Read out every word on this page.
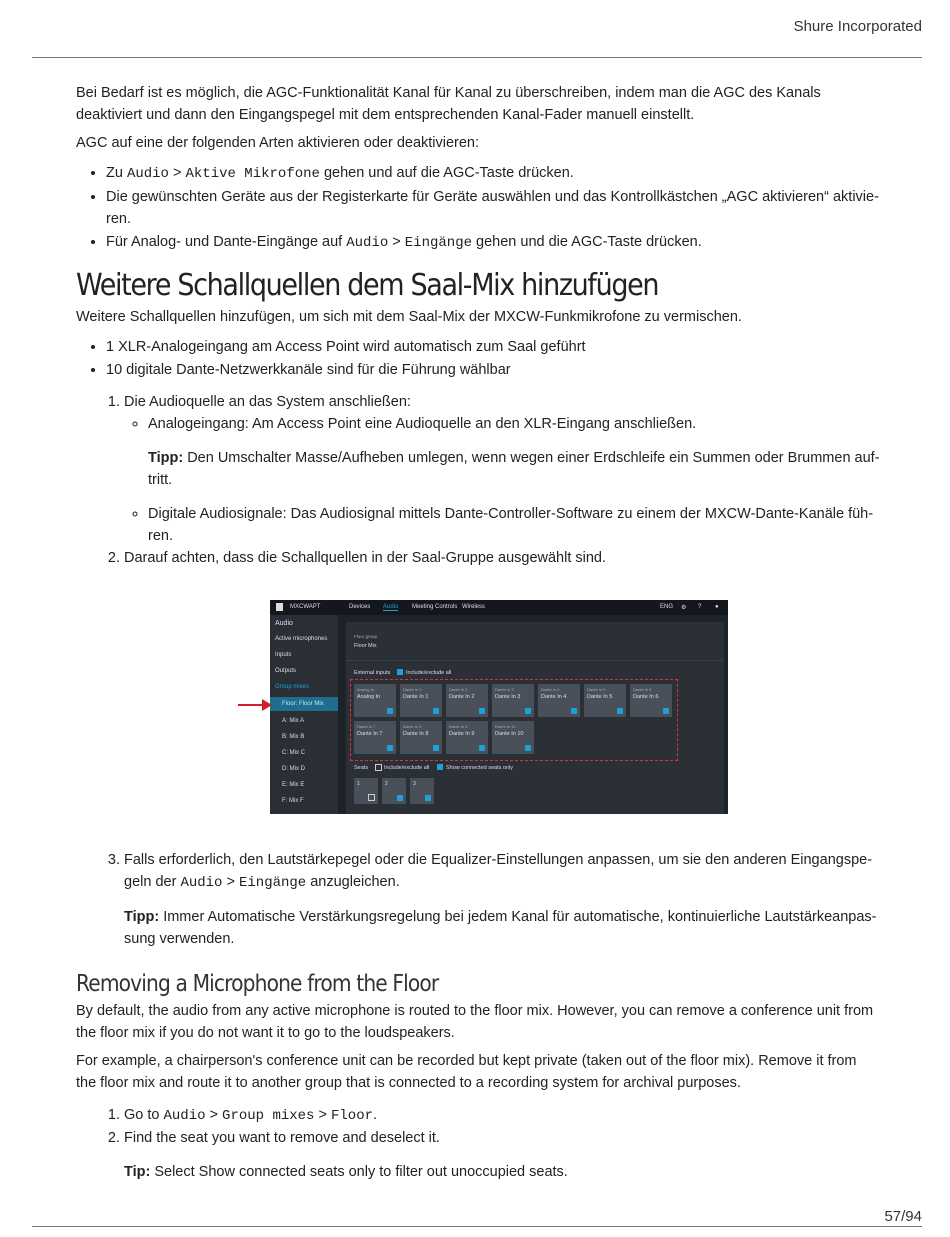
Shure Incorporated

Bei Bedarf ist es möglich, die AGC-Funktionalität Kanal für Kanal zu überschreiben, indem man die AGC des Kanals deaktiviert und dann den Eingangspegel mit dem entsprechenden Kanal-Fader manuell einstellt.

AGC auf eine der folgenden Arten aktivieren oder deaktivieren:

• Zu Audio > Aktive Mikrofone gehen und auf die AGC-Taste drücken.
• Die gewünschten Geräte aus der Registerkarte für Geräte auswählen und das Kontrollkästchen „AGC aktivieren“ aktivie-ren.
• Für Analog- und Dante-Eingänge auf Audio > Eingänge gehen und die AGC-Taste drücken.
Weitere Schallquellen dem Saal-Mix hinzufügen

Weitere Schallquellen hinzufügen, um sich mit dem Saal-Mix der MXCW-Funkmikrofone zu vermischen.

• 1 XLR-Analogeingang am Access Point wird automatisch zum Saal geführt
• 10 digitale Dante-Netzwerkkanäle sind für die Führung wählbar
1. Die Audioquelle an das System anschließen:
◦ Analogeingang: Am Access Point eine Audioquelle an den XLR-Eingang anschließen.
Tipp: Den Umschalter Masse/Aufheben umlegen, wenn wegen einer Erdschleife ein Summen oder Brummen auf-tritt.
◦ Digitale Audiosignale: Das Audiosignal mittels Dante-Controller-Software zu einem der MXCW-Dante-Kanäle füh-ren.
2. Darauf achten, dass die Schallquellen in der Saal-Gruppe ausgewählt sind.
3. Falls erforderlich, den Lautstärkepegel oder die Equalizer-Einstellungen anpassen, um sie den anderen Eingangspe-geln der Audio > Eingänge anzugleichen.
Tipp: Immer Automatische Verstärkungsregelung bei jedem Kanal für automatische, kontinuierliche Lautstärkeanpas-sung verwenden.
Removing a Microphone from the Floor

By default, the audio from any active microphone is routed to the floor mix. However, you can remove a conference unit from the floor mix if you do not want it to go to the loudspeakers.

For example, a chairperson's conference unit can be recorded but kept private (taken out of the floor mix). Remove it from the floor mix and route it to another group that is connected to a recording system for archival purposes.

1. Go to Audio > Group mixes > Floor.
2. Find the seat you want to remove and deselect it.
Tip: Select Show connected seats only to filter out unoccupied seats.
MXCWAPT	Devices Audio Meeting Controls Wireless	ENG ⚙ ? ●
Audio
Active microphones
Inputs
Outputs
Group mixes
Floor: Floor Mix
A: Mix A
B: Mix B
C: Mix C
D: Mix D
E: Mix E
F: Mix F
Floor group
Floor Mix
External inputs	Include/exclude all
Analog In
Analog In
Dante In 1
Dante In 1
Dante In 2
Dante In 2
Dante In 3
Dante In 3
Dante In 4
Dante In 4
Dante In 5
Dante In 5
Dante In 6
Dante In 6
Dante In 7
Dante In 7
Dante In 8
Dante In 8
Dante In 9
Dante In 9
Dante In 10
Dante In 10
Seats	Include/exclude all	Show connected seats only
1	2	3
57/94
